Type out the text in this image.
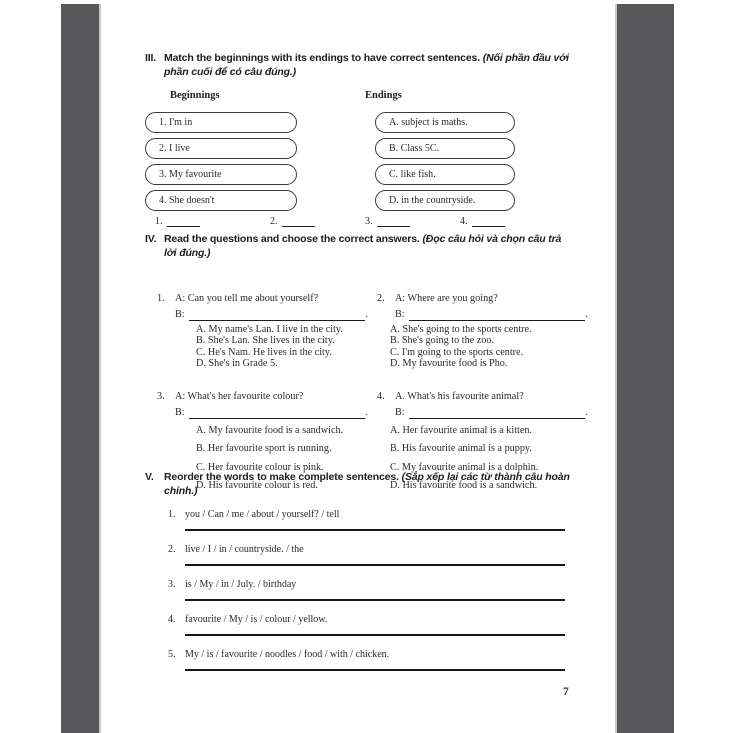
III. Match the beginnings with its endings to have correct sentences. (Nối phần đầu với phần cuối để có câu đúng.)
Beginnings	Endings
1. I'm in	A. subject is maths.
2. I live	B. Class 5C.
3. My favourite	C. like fish.
4. She doesn't	D. in the countryside.
1.	2.	3.	4.
IV. Read the questions and choose the correct answers. (Đọc câu hỏi và chọn câu trả lời đúng.)
1.	A: Can you tell me about yourself?
B:	.
A. My name's Lan. I live in the city.
B. She's Lan. She lives in the city.
C. He's Nam. He lives in the city.
D. She's in Grade 5.
2.	A: Where are you going?
B:	.
A. She's going to the sports centre.
B. She's going to the zoo.
C. I'm going to the sports centre.
D. My favourite food is Pho.
3.	A: What's her favourite colour?
B:	.
A. My favourite food is a sandwich.
B. Her favourite sport is running.
C. Her favourite colour is pink.
D. His favourite colour is red.
4.	A. What's his favourite animal?
B:	.
A. Her favourite animal is a kitten.
B. His favourite animal is a puppy.
C. My favourite animal is a dolphin.
D. His favourite food is a sandwich.
V. Reorder the words to make complete sentences. (Sắp xếp lại các từ thành câu hoàn chỉnh.)
1. you / Can / me / about / yourself? / tell
2. live / I / in / countryside. / the
3. is / My / in / July. / birthday
4. favourite / My / is / colour / yellow.
5. My / is / favourite / noodles / food / with / chicken.
7
